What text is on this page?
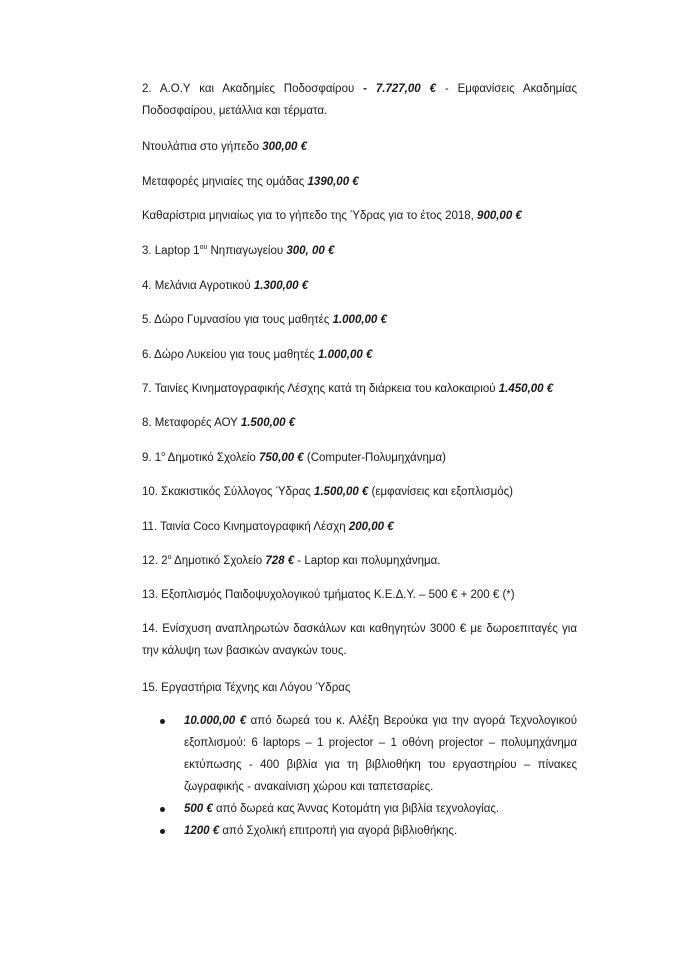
2. Α.Ο.Υ και Ακαδημίες Ποδοσφαίρου - 7.727,00 € - Εμφανίσεις Ακαδημίας Ποδοσφαίρου, μετάλλια και τέρματα.
Ντουλάπια στο γήπεδο 300,00 €
Μεταφορές μηνιαίες της ομάδας 1390,00 €
Καθαρίστρια μηνιαίως για το γήπεδο της Ύδρας για το έτος 2018, 900,00 €
3. Laptop $1^{o\upsilon}$ Νηπιαγωγείου 300, 00 €
4. Μελάνια Αγροτικού 1.300,00 €
5. Δώρο Γυμνασίου για τους μαθητές 1.000,00 €
6. Δώρο Λυκείου για τους μαθητές 1.000,00 €
7. Ταινίες Κινηματογραφικής Λέσχης κατά τη διάρκεια του καλοκαιριού 1.450,00 €
8. Μεταφορές ΑΟΥ 1.500,00 €
9. $1^o$ Δημοτικό Σχολείο 750,00 € (Computer-Πολυμηχάνημα)
10. Σκακιστικός Σύλλογος Ύδρας 1.500,00 € (εμφανίσεις και εξοπλισμός)
11. Ταινία Coco Κινηματογραφική Λέσχη 200,00 €
12. $2^o$ Δημοτικό Σχολείο 728 € - Laptop και πολυμηχάνημα.
13. Εξοπλισμός Παιδοψυχολογικού τμήματος Κ.Ε.Δ.Υ. – 500 € + 200 € (*)
14. Ενίσχυση αναπληρωτών δασκάλων και καθηγητών 3000 € με δωροεπιταγές για την κάλυψη των βασικών αναγκών τους.
15. Εργαστήρια Τέχνης και Λόγου Ύδρας
10.000,00 € από δωρεά του κ. Αλέξη Βερούκα για την αγορά Τεχνολογικού εξοπλισμού: 6 laptops – 1 projector – 1 οθόνη projector – πολυμηχάνημα εκτύπωσης - 400 βιβλία για τη βιβλιοθήκη του εργαστηρίου – πίνακες ζωγραφικής - ανακαίνιση χώρου και ταπετσαρίες.
500 € από δωρεά κας Άννας Κοτομάτη για βιβλία τεχνολογίας.
1200 € από Σχολική επιτροπή για αγορά βιβλιοθήκης.
